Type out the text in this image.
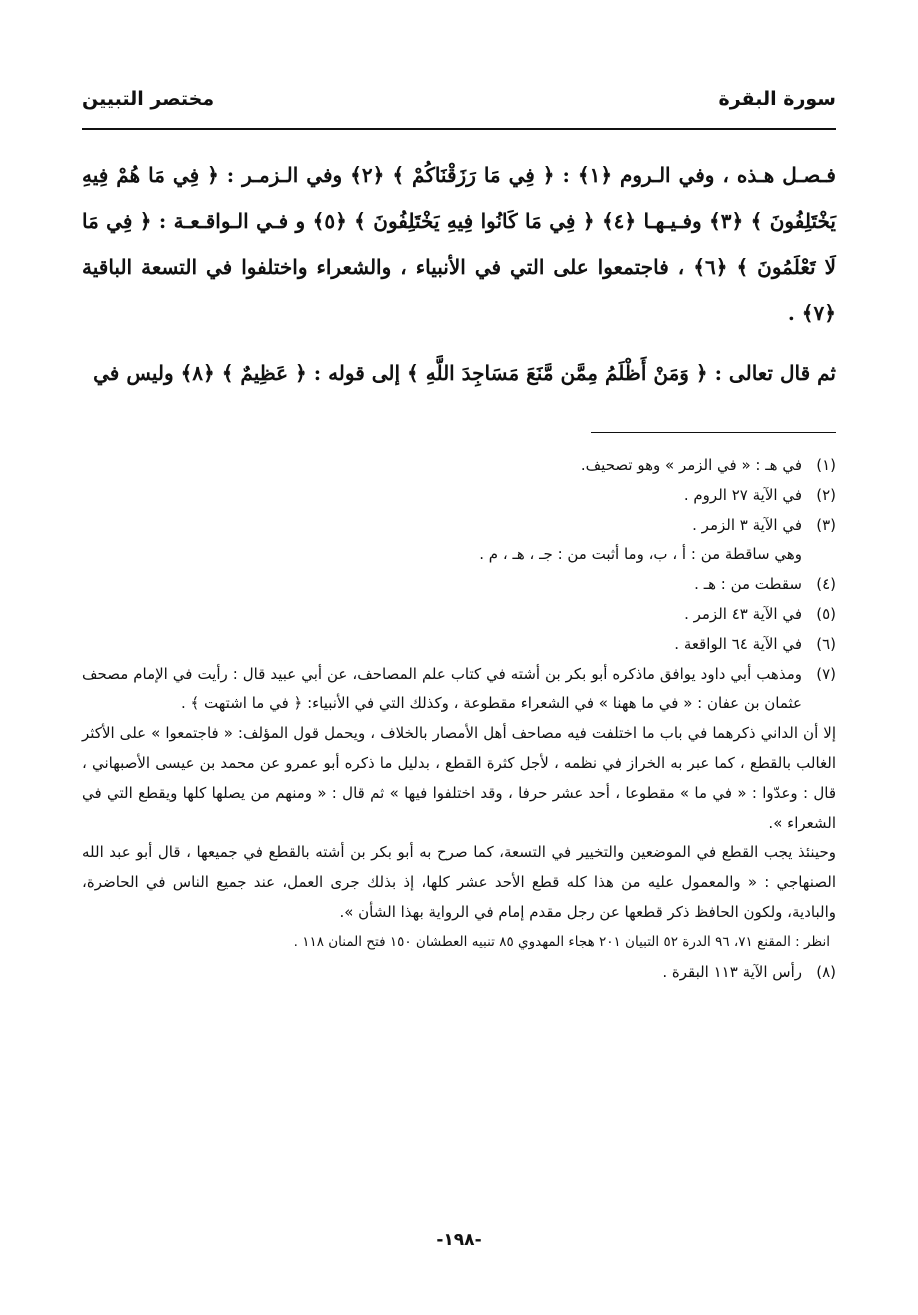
سورة البقرة
مختصر التبيين

فـصـل هـذه ، وفي الـروم ﴿١﴾ : ﴿ فِي مَا رَزَقْنَاكُمْ ﴾ ﴿٢﴾ وفي الـزمـر : ﴿ فِي مَا هُمْ فِيهِ يَخْتَلِفُونَ ﴾ ﴿٣﴾ وفـيـهـا ﴿٤﴾ ﴿ فِي مَا كَانُوا فِيهِ يَخْتَلِفُونَ ﴾ ﴿٥﴾ و فـي الـواقـعـة : ﴿ فِي مَا لَا تَعْلَمُونَ ﴾ ﴿٦﴾ ، فاجتمعوا على التي في الأنبياء ، والشعراء واختلفوا في التسعة الباقية ﴿٧﴾ .

ثم قال تعالى : ﴿ وَمَنْ أَظْلَمُ مِمَّن مَّنَعَ مَسَاجِدَ اللَّهِ ﴾ إلى قوله : ﴿ عَظِيمٌ ﴾ ﴿٨﴾ وليس في

(١)
في هـ : « في الزمر » وهو تصحيف.
(٢)
في الآية ٢٧ الروم .
(٣)
في الآية ٣ الزمر .
وهي ساقطة من : أ ، ب، وما أثبت من : جـ ، هـ ، م .
(٤)
سقطت من : هـ .
(٥)
في الآية ٤٣ الزمر .
(٦)
في الآية ٦٤ الواقعة .
(٧)
ومذهب أبي داود يوافق ماذكره أبو بكر بن أشته في كتاب علم المصاحف، عن أبي عبيد قال : رأيت في الإمام مصحف عثمان بن عفان : « في ما ههنا » في الشعراء مقطوعة ، وكذلك التي في الأنبياء: ﴿ في ما اشتهت ﴾ .
إلا أن الداني ذكرهما في باب ما اختلفت فيه مصاحف أهل الأمصار بالخلاف ، ويحمل قول المؤلف: « فاجتمعوا » على الأكثر الغالب بالقطع ، كما عبر به الخراز في نظمه ، لأجل كثرة القطع ، بدليل ما ذكره أبو عمرو عن محمد بن عيسى الأصبهاني ، قال : وعدّوا : « في ما » مقطوعا ، أحد عشر حرفا ، وقد اختلفوا فيها » ثم قال : « ومنهم من يصلها كلها ويقطع التي في الشعراء ».
وحينئذ يجب القطع في الموضعين والتخيير في التسعة، كما صرح به أبو بكر بن أشته بالقطع في جميعها ، قال أبو عبد الله الصنهاجي : « والمعمول عليه من هذا كله قطع الأحد عشر كلها، إذ بذلك جرى العمل، عند جميع الناس في الحاضرة، والبادية، ولكون الحافظ ذكر قطعها عن رجل مقدم إمام في الرواية بهذا الشأن ».
انظر : المقنع ٧١، ٩٦ الدرة ٥٢ التبيان ٢٠١ هجاء المهدوي ٨٥ تنبيه العطشان ١٥٠ فتح المنان ١١٨ .
(٨)
رأس الآية ١١٣ البقرة .
-١٩٨-
